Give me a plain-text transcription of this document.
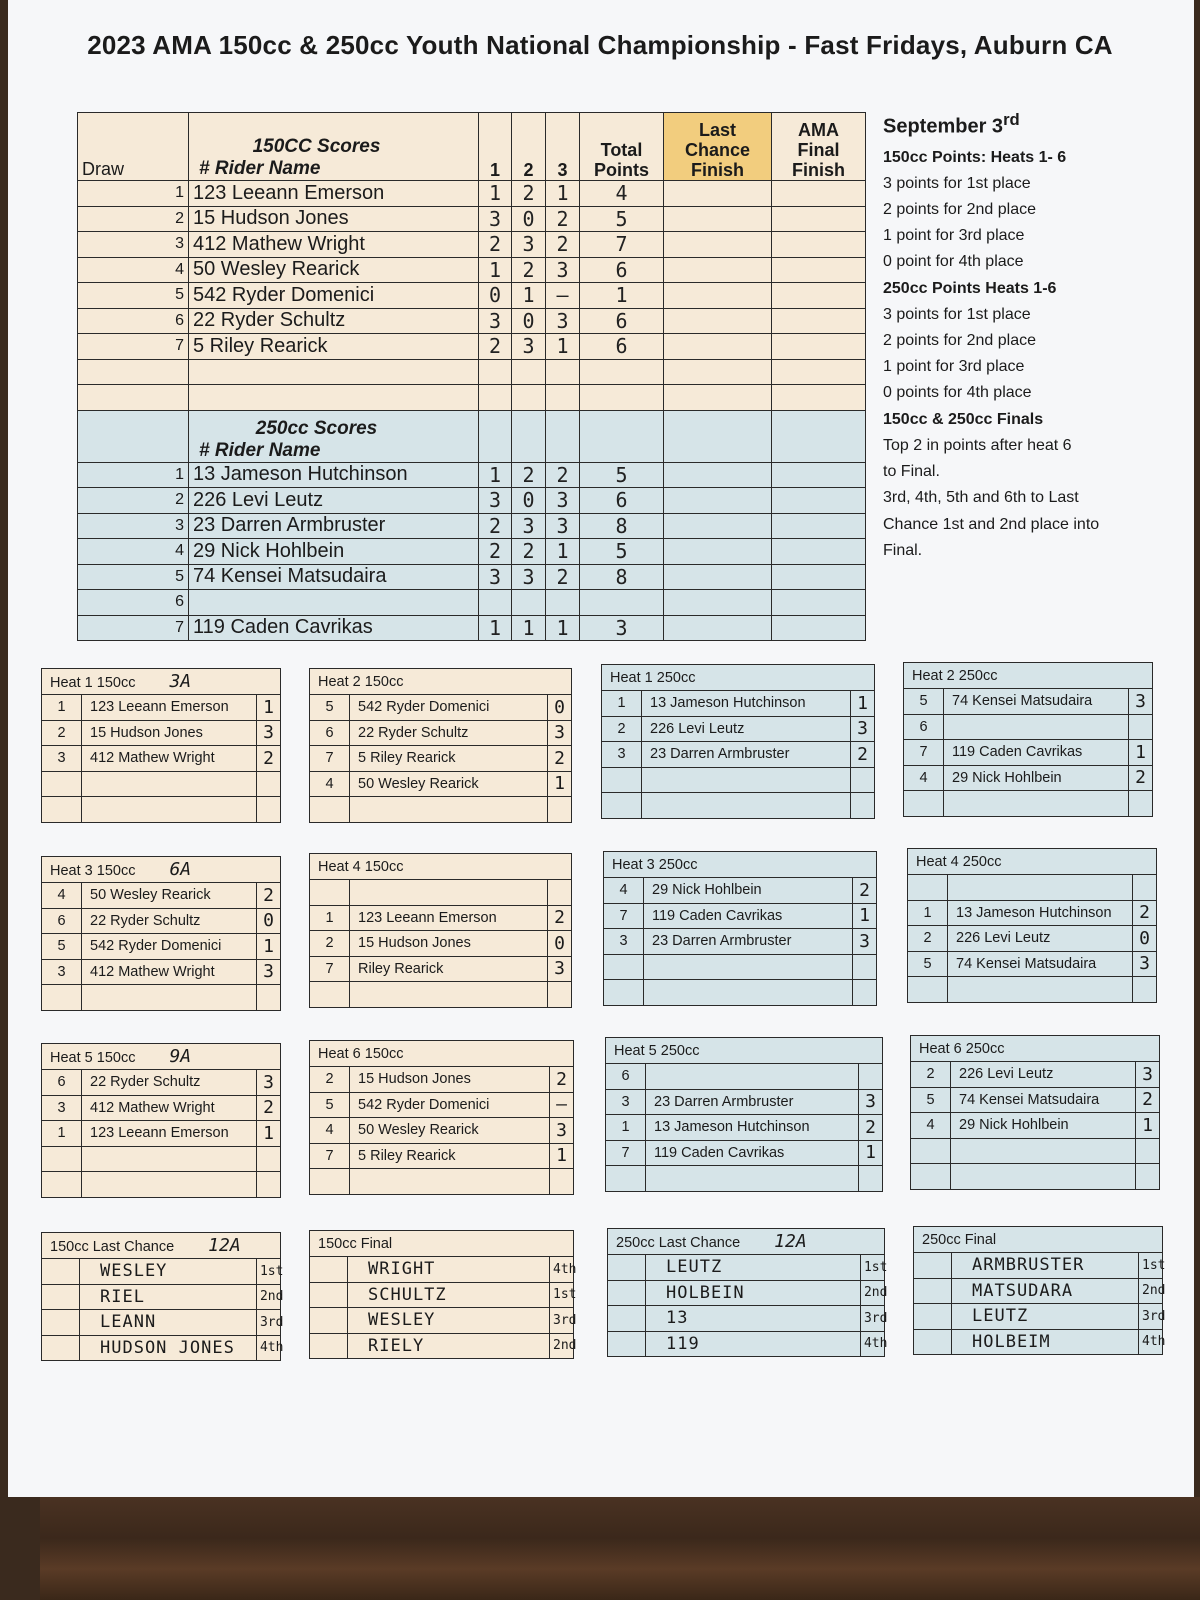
2023 AMA 150cc & 250cc Youth National Championship - Fast Fridays, Auburn CA
Draw	150CC Scores
# Rider Name	1	2	3	Total Points	Last Chance Finish	AMA Final Finish
1	123 Leeann Emerson	1	2	1	4		
2	15 Hudson Jones	3	0	2	5		
3	412 Mathew Wright	2	3	2	7		
4	50 Wesley Rearick	1	2	3	6		
5	542 Ryder Domenici	0	1	—	1		
6	22 Ryder Schultz	3	0	3	6		
7	5 Riley Rearick	2	3	1	6		

	250cc Scores
# Rider Name						

1	13 Jameson Hutchinson	1	2	2	5		
2	226 Levi Leutz	3	0	3	6		
3	23 Darren Armbruster	2	3	3	8		
4	29 Nick Hohlbein	2	2	1	5		
5	74 Kensei Matsudaira	3	3	2	8		
6							
7	119 Caden Cavrikas	1	1	1	3		
September 3rd
150cc Points: Heats 1- 6
3 points for 1st place
2 points for 2nd place
1 point for 3rd place
0 point for 4th place
250cc Points Heats 1-6
3 points for 1st place
2 points for 2nd place
1 point for 3rd place
0 points for 4th place
150cc & 250cc Finals
Top 2 in points after heat 6
to Final.
3rd, 4th, 5th and 6th to Last
Chance 1st and 2nd place into
Final.
Heat 1 150cc 3A		
1	123 Leeann Emerson	1
2	15 Hudson Jones	3
3	412 Mathew Wright	2

Heat 2 150cc		
5	542 Ryder Domenici	0
6	22 Ryder Schultz	3
7	5 Riley Rearick	2
4	50 Wesley Rearick	1

Heat 1 250cc		
1	13 Jameson Hutchinson	1
2	226 Levi Leutz	3
3	23 Darren Armbruster	2

Heat 2 250cc		
5	74 Kensei Matsudaira	3
6		
7	119 Caden Cavrikas	1
4	29 Nick Hohlbein	2

Heat 3 150cc 6A		
4	50 Wesley Rearick	2
6	22 Ryder Schultz	0
5	542 Ryder Domenici	1
3	412 Mathew Wright	3

Heat 4 150cc		

1	123 Leeann Emerson	2
2	15 Hudson Jones	0
7	Riley Rearick	3

Heat 3 250cc		
4	29 Nick Hohlbein	2
7	119 Caden Cavrikas	1
3	23 Darren Armbruster	3

Heat 4 250cc		

1	13 Jameson Hutchinson	2
2	226 Levi Leutz	0
5	74 Kensei Matsudaira	3

Heat 5 150cc 9A		
6	22 Ryder Schultz	3
3	412 Mathew Wright	2
1	123 Leeann Emerson	1

Heat 6 150cc		
2	15 Hudson Jones	2
5	542 Ryder Domenici	—
4	50 Wesley Rearick	3
7	5 Riley Rearick	1

Heat 5 250cc		
6		
3	23 Darren Armbruster	3
1	13 Jameson Hutchinson	2
7	119 Caden Cavrikas	1

Heat 6 250cc		
2	226 Levi Leutz	3
5	74 Kensei Matsudaira	2
4	29 Nick Hohlbein	1

150cc Last Chance 12A		
	WESLEY	1st
	RIEL	2nd
	LEANN	3rd
	HUDSON JONES	4th
150cc Final		
	WRIGHT	4th
	SCHULTZ	1st
	WESLEY	3rd
	RIELY	2nd
250cc Last Chance 12A		
	LEUTZ	1st
	HOLBEIN	2nd
	13	3rd
	119	4th
250cc Final		
	ARMBRUSTER	1st
	MATSUDARA	2nd
	LEUTZ	3rd
	HOLBEIM	4th
